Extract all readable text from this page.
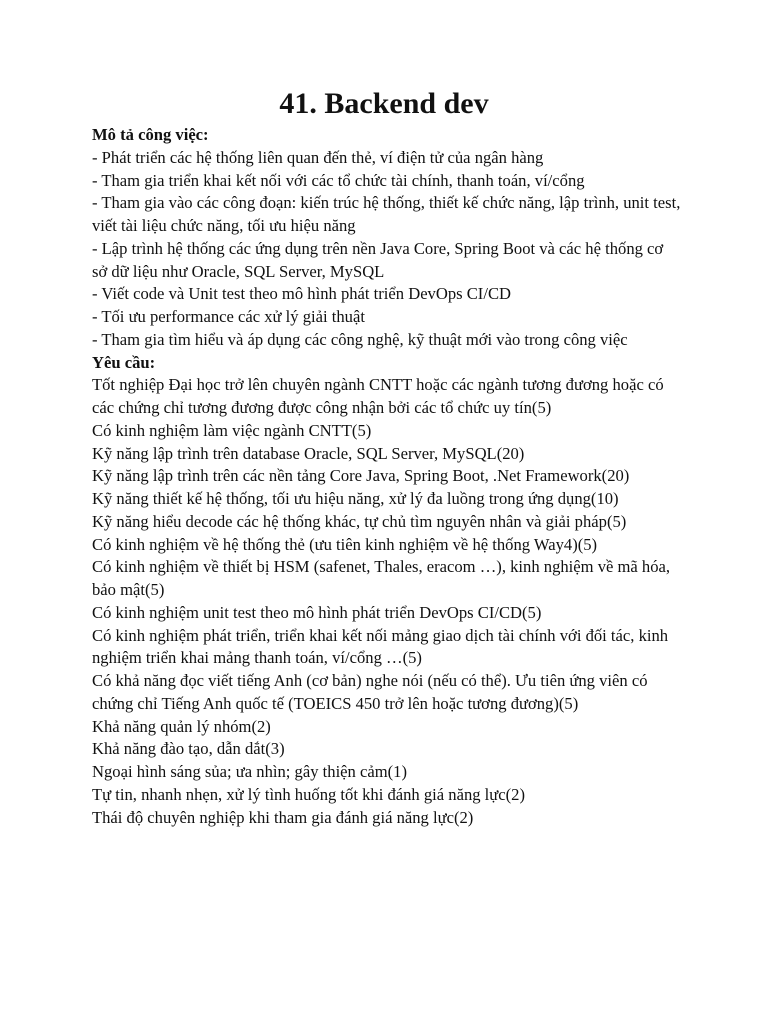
41. Backend dev

Mô tả công việc:

- Phát triển các hệ thống liên quan đến thẻ, ví điện tử của ngân hàng

- Tham gia triển khai kết nối với các tổ chức tài chính, thanh toán, ví/cổng

- Tham gia vào các công đoạn: kiến trúc hệ thống, thiết kế chức năng, lập trình, unit test, viết tài liệu chức năng, tối ưu hiệu năng

- Lập trình hệ thống các ứng dụng trên nền Java Core, Spring Boot và các hệ thống cơ sở dữ liệu như Oracle, SQL Server, MySQL

- Viết code và Unit test theo mô hình phát triển DevOps CI/CD

- Tối ưu performance các xử lý giải thuật

- Tham gia tìm hiểu và áp dụng các công nghệ, kỹ thuật mới vào trong công việc

Yêu cầu:

Tốt nghiệp Đại học trở lên chuyên ngành CNTT hoặc các ngành tương đương hoặc có các chứng chỉ tương đương được công nhận bởi các tổ chức uy tín(5)

Có kinh nghiệm làm việc ngành CNTT(5)

Kỹ năng lập trình trên database Oracle, SQL Server, MySQL(20)

Kỹ năng lập trình trên các nền tảng Core Java, Spring Boot, .Net Framework(20)

Kỹ năng thiết kế hệ thống, tối ưu hiệu năng, xử lý đa luồng trong ứng dụng(10)

Kỹ năng hiểu decode các hệ thống khác, tự chủ tìm nguyên nhân và giải pháp(5)

Có kinh nghiệm về hệ thống thẻ (ưu tiên kinh nghiệm về hệ thống Way4)(5)

Có kinh nghiệm về thiết bị HSM (safenet, Thales, eracom …), kinh nghiệm về mã hóa, bảo mật(5)

Có kinh nghiệm unit test theo mô hình phát triển DevOps CI/CD(5)

Có kinh nghiệm phát triển, triển khai kết nối mảng giao dịch tài chính với đối tác, kinh nghiệm triển khai mảng thanh toán, ví/cổng …(5)

Có khả năng đọc viết tiếng Anh (cơ bản) nghe nói (nếu có thể). Ưu tiên ứng viên có chứng chỉ Tiếng Anh quốc tế (TOEICS 450 trở lên hoặc tương đương)(5)

Khả năng quản lý nhóm(2)

Khả năng đào tạo, dẫn dắt(3)

Ngoại hình sáng sủa; ưa nhìn; gây thiện cảm(1)

Tự tin, nhanh nhẹn, xử lý tình huống tốt khi đánh giá năng lực(2)

Thái độ chuyên nghiệp khi tham gia đánh giá năng lực(2)
